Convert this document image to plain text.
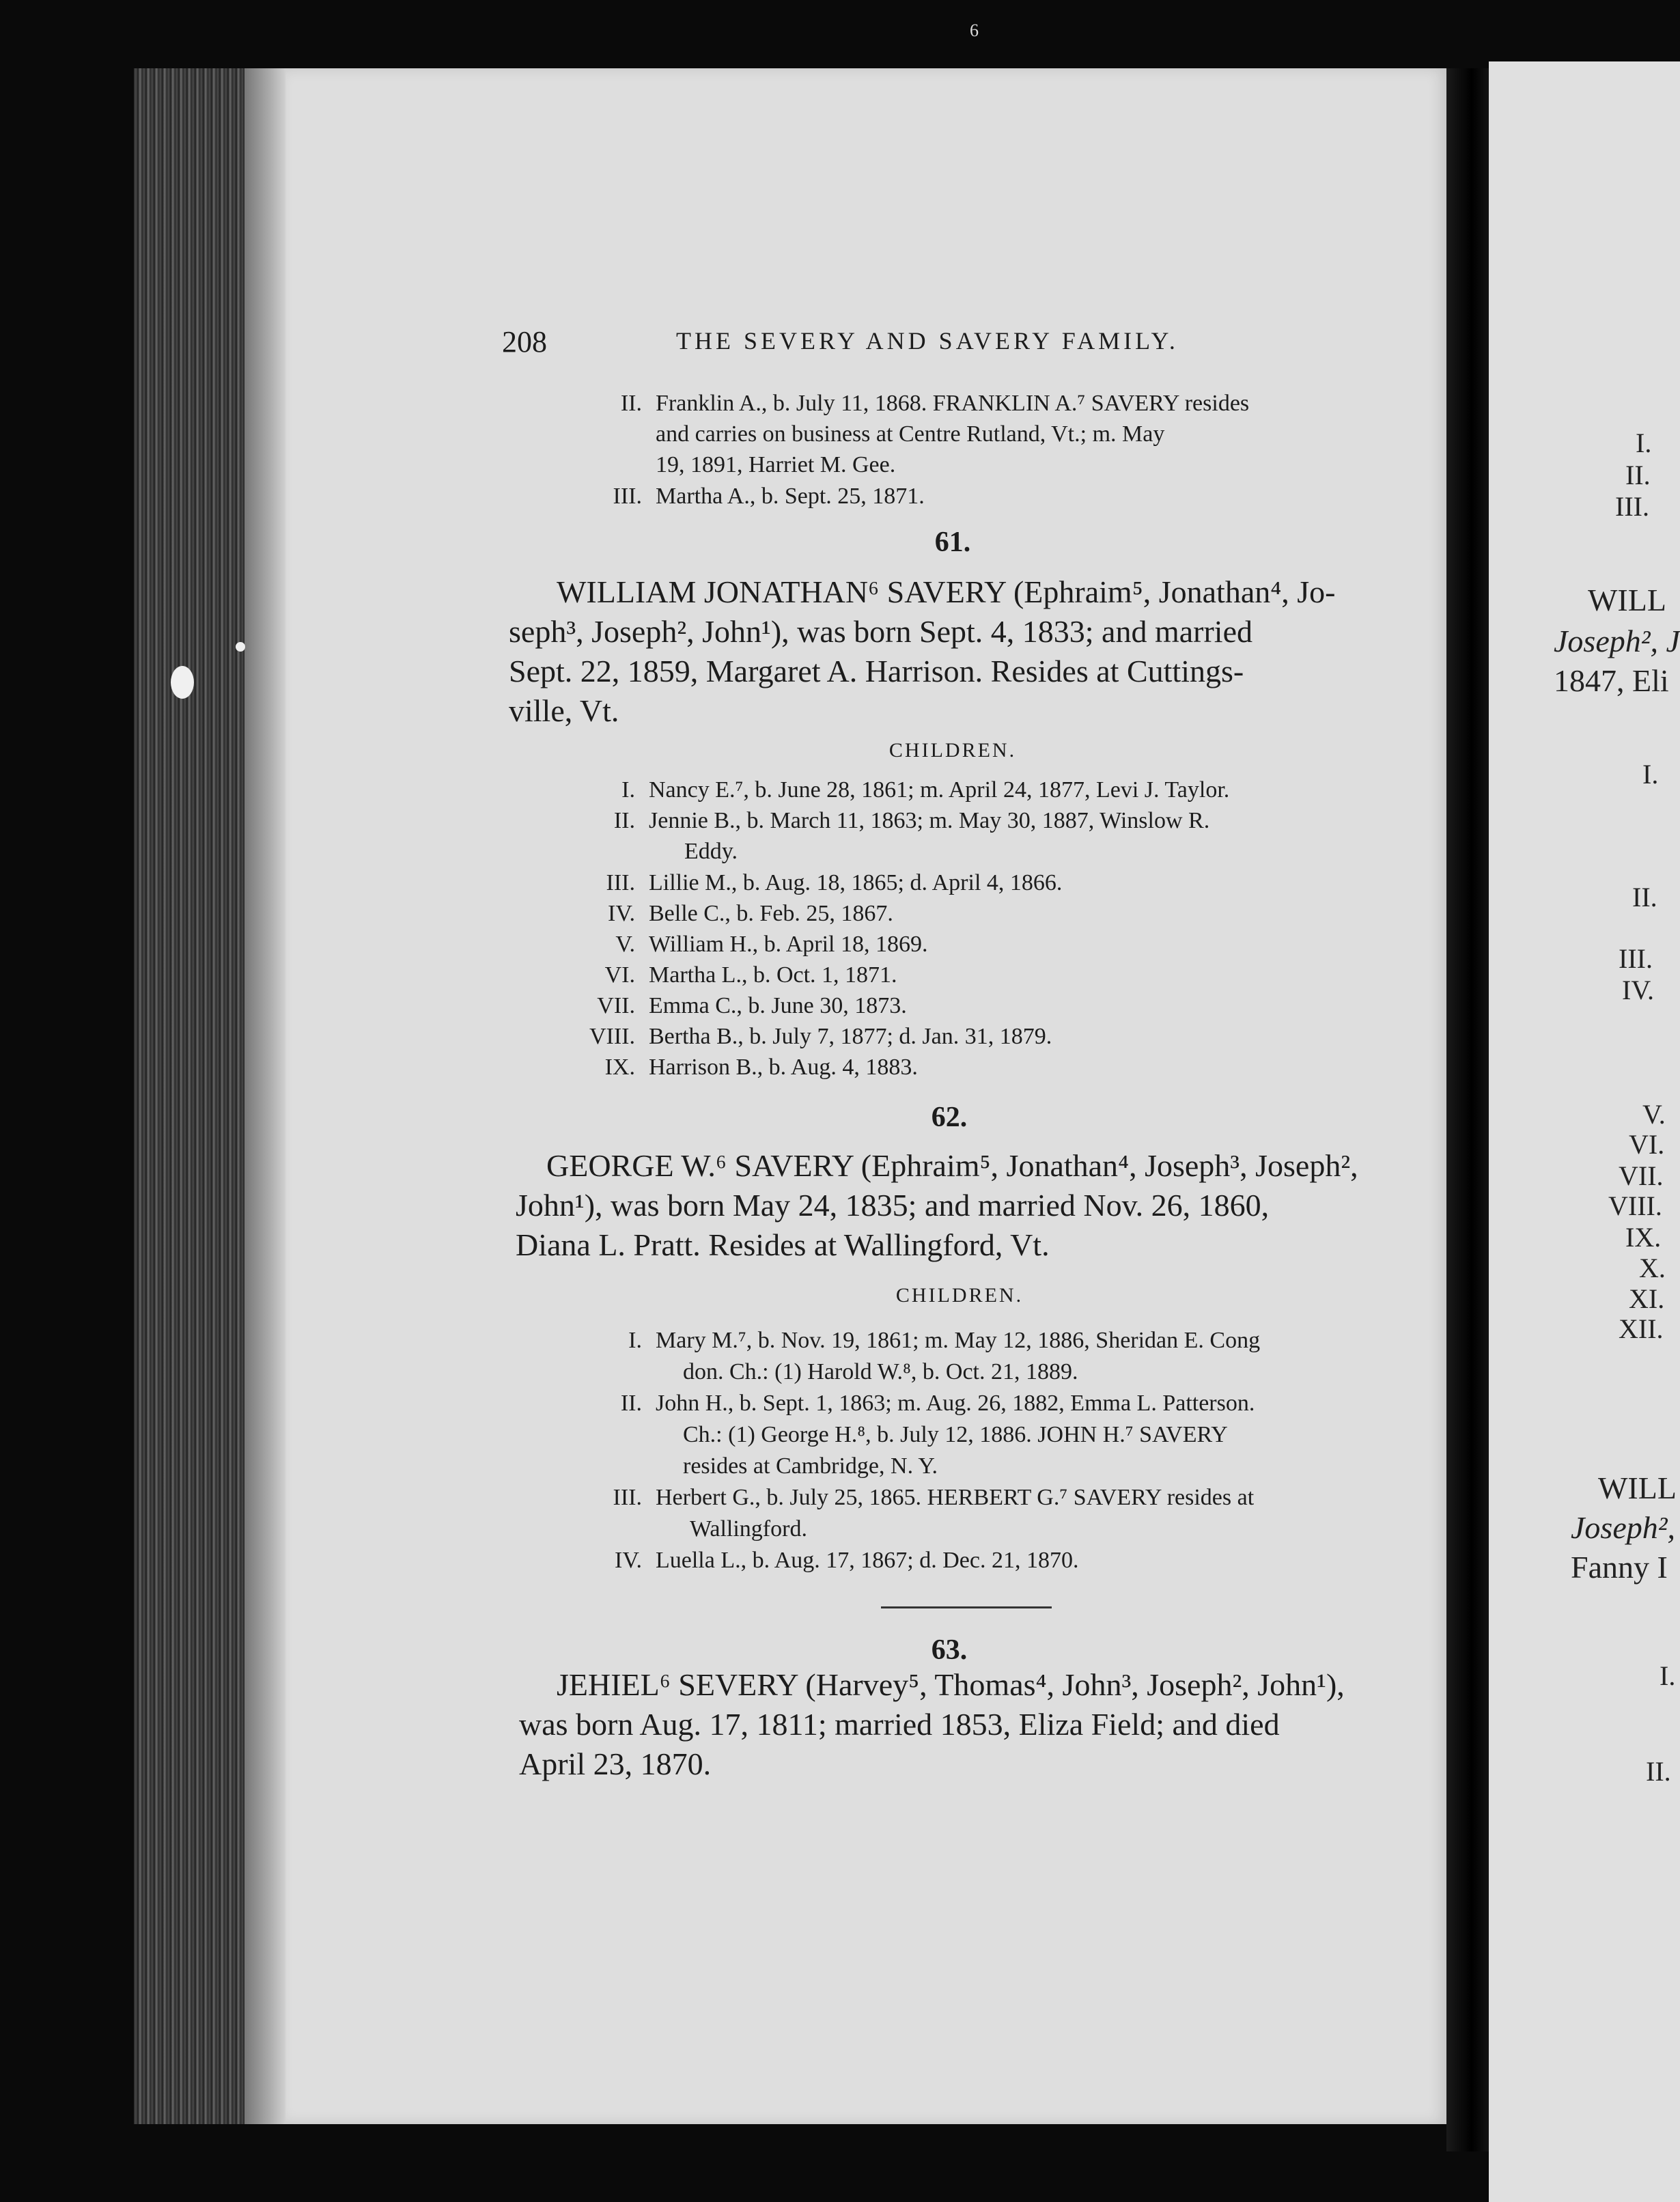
6
208	THE SEVERY AND SAVERY FAMILY.
II. Franklin A., b. July 11, 1868. FRANKLIN A.⁷ SAVERY resides
and carries on business at Centre Rutland, Vt.; m. May
19, 1891, Harriet M. Gee.
III. Martha A., b. Sept. 25, 1871.
61.
WILLIAM JONATHAN⁶ SAVERY (Ephraim⁵, Jonathan⁴, Jo-
seph³, Joseph², John¹), was born Sept. 4, 1833; and married
Sept. 22, 1859, Margaret A. Harrison. Resides at Cuttings-
ville, Vt.
CHILDREN.
I. Nancy E.⁷, b. June 28, 1861; m. April 24, 1877, Levi J. Taylor.
II. Jennie B., b. March 11, 1863; m. May 30, 1887, Winslow R.
Eddy.
III. Lillie M., b. Aug. 18, 1865; d. April 4, 1866.
IV. Belle C., b. Feb. 25, 1867.
V. William H., b. April 18, 1869.
VI. Martha L., b. Oct. 1, 1871.
VII. Emma C., b. June 30, 1873.
VIII. Bertha B., b. July 7, 1877; d. Jan. 31, 1879.
IX. Harrison B., b. Aug. 4, 1883.
62.
GEORGE W.⁶ SAVERY (Ephraim⁵, Jonathan⁴, Joseph³, Joseph²,
John¹), was born May 24, 1835; and married Nov. 26, 1860,
Diana L. Pratt. Resides at Wallingford, Vt.
CHILDREN.
I. Mary M.⁷, b. Nov. 19, 1861; m. May 12, 1886, Sheridan E. Cong
don. Ch.: (1) Harold W.⁸, b. Oct. 21, 1889.
II. John H., b. Sept. 1, 1863; m. Aug. 26, 1882, Emma L. Patterson.
Ch.: (1) George H.⁸, b. July 12, 1886. JOHN H.⁷ SAVERY
resides at Cambridge, N. Y.
III. Herbert G., b. July 25, 1865. HERBERT G.⁷ SAVERY resides at
Wallingford.
IV. Luella L., b. Aug. 17, 1867; d. Dec. 21, 1870.
63.
JEHIEL⁶ SEVERY (Harvey⁵, Thomas⁴, John³, Joseph², John¹),
was born Aug. 17, 1811; married 1853, Eliza Field; and died
April 23, 1870.
I.
II.
III.
WILL
Joseph², J
1847, Eli
I.
II.
III.
IV.
V.
VI.
VII.
VIII.
IX.
X.
XI.
XII.
WILL
Joseph²,
Fanny I
I.
II.
